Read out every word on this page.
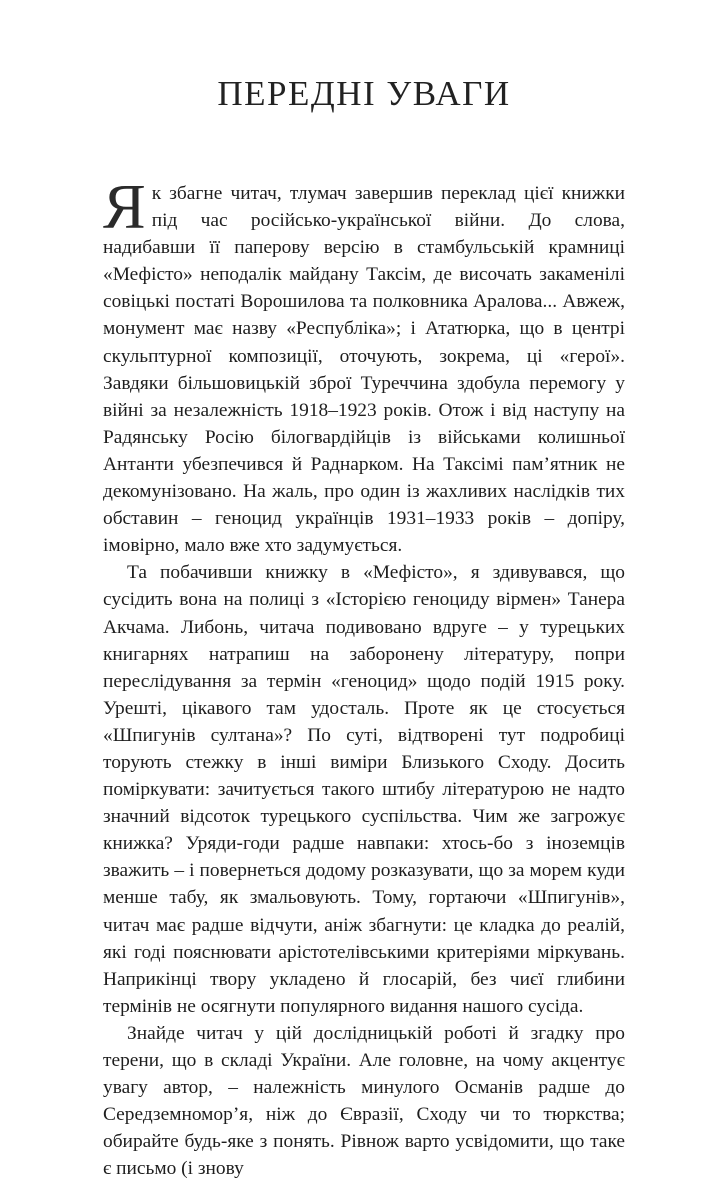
ПЕРЕДНІ УВАГИ

Як збагне читач, тлумач завершив переклад цієї книжки під час російсько-української війни. До слова, надибавши її паперову версію в стамбульській крамниці «Мефісто» неподалік майдану Таксім, де височать закаменілі совіцькі постаті Ворошилова та полковника Аралова... Авжеж, монумент має назву «Республіка»; і Ататюрка, що в центрі скульптурної композиції, оточують, зокрема, ці «герої». Завдяки більшовицькій зброї Туреччина здобула перемогу у війні за незалежність 1918–1923 років. Отож і від наступу на Радянську Росію білогвардійців із військами колишньої Антанти убезпечився й Раднарком. На Таксімі пам’ятник не декомунізовано. На жаль, про один із жахливих наслідків тих обставин – геноцид українців 1931–1933 років – допіру, імовірно, мало вже хто задумується.

Та побачивши книжку в «Мефісто», я здивувався, що сусідить вона на полиці з «Історією геноциду вірмен» Танера Акчама. Либонь, читача подивовано вдруге – у турецьких книгарнях натрапиш на заборонену літературу, попри переслідування за термін «геноцид» щодо подій 1915 року. Урешті, цікавого там удосталь. Проте як це стосується «Шпигунів султана»? По суті, відтворені тут подробиці торують стежку в інші виміри Близького Сходу. Досить поміркувати: зачитується такого штибу літературою не надто значний відсоток турецького суспільства. Чим же загрожує книжка? Уряди-годи радше навпаки: хтось-бо з іноземців зважить – і повернеться додому розказувати, що за морем куди менше табу, як змальовують. Тому, гортаючи «Шпигунів», читач має радше відчути, аніж збагнути: це кладка до реалій, які годі пояснювати арістотелівськими критеріями міркувань. Наприкінці твору укладено й глосарій, без чиєї глибини термінів не осягнути популярного видання нашого сусіда.

Знайде читач у цій дослідницькій роботі й згадку про терени, що в складі України. Але головне, на чому акцентує увагу автор, – належність минулого Османів радше до Середземномор’я, ніж до Євразії, Сходу чи то тюркства; обирайте будь-яке з понять. Рівнож варто усвідомити, що таке є письмо (і знову
